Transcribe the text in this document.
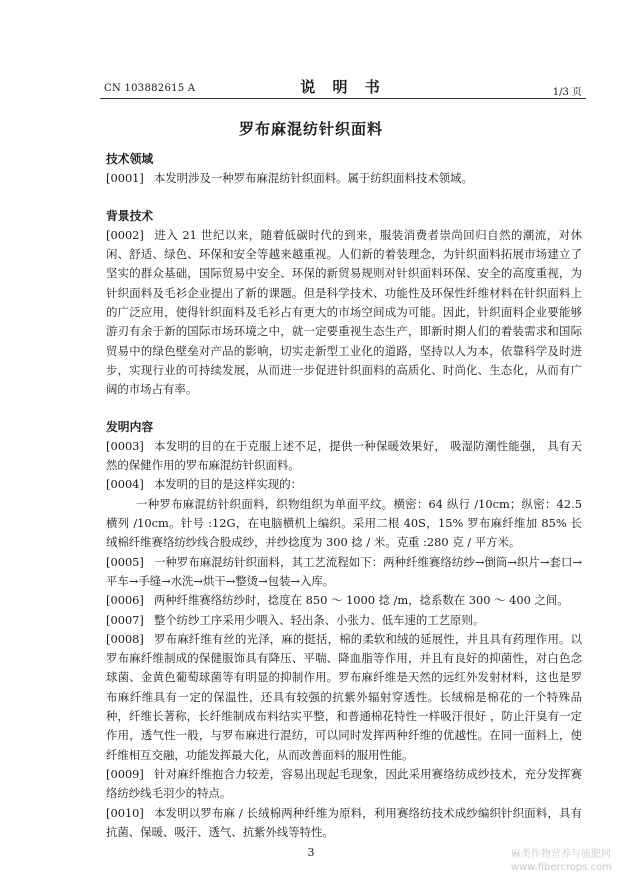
CN 103882615 A	说 明 书	1/3 页
罗布麻混纺针织面料

技术领域

[0001] 本发明涉及一种罗布麻混纺针织面料。属于纺织面料技术领域。

背景技术

[0002] 进入 21 世纪以来，随着低碳时代的到来，服装消费者崇尚回归自然的潮流，对休闲、舒适、绿色、环保和安全等越来越重视。人们新的着装理念，为针织面料拓展市场建立了坚实的群众基础，国际贸易中安全、环保的新贸易规则对针织面料环保、安全的高度重视，为针织面料及毛衫企业提出了新的课题。但是科学技术、功能性及环保性纤维材料在针织面料上的广泛应用，使得针织面料及毛衫占有更大的市场空间成为可能。因此，针织面料企业要能够游刃有余于新的国际市场环境之中，就一定要重视生态生产，即新时期人们的着装需求和国际贸易中的绿色壁垒对产品的影响，切实走新型工业化的道路，坚持以人为本，依靠科学及时进步，实现行业的可持续发展，从而进一步促进针织面料的高质化、时尚化、生态化，从而有广阔的市场占有率。

发明内容

[0003] 本发明的目的在于克服上述不足，提供一种保暖效果好， 吸湿防潮性能强， 具有天然的保健作用的罗布麻混纺针织面料。

[0004] 本发明的目的是这样实现的：

一种罗布麻混纺针织面料，织物组织为单面平纹。横密：64 纵行 /10cm；纵密：42.5 横列 /10cm。针号 :12G，在电脑横机上编织。采用二根 40S，15% 罗布麻纤维加 85% 长绒棉纤维赛络纺纱线合股成纱，并纱捻度为 300 捻 / 米。克重 :280 克 / 平方米。

[0005] 一种罗布麻混纺针织面料，其工艺流程如下：两种纤维赛络纺纱→倒筒→织片→套口→平车→手缝→水洗→烘干→整烫→包装→入库。

[0006] 两种纤维赛络纺纱时，捻度在 850 ～ 1000 捻 /m，捻系数在 300 ～ 400 之间。

[0007] 整个纺纱工序采用少喂入、轻出条、小张力、低车速的工艺原则。

[0008] 罗布麻纤维有丝的光泽，麻的挺括，棉的柔软和绒的延展性，并且具有药理作用。以罗布麻纤维制成的保健服饰具有降压、平喘、降血脂等作用，并且有良好的抑菌性，对白色念球菌、金黄色葡萄球菌等有明显的抑制作用。罗布麻纤维是天然的远红外发射材料，这也是罗布麻纤维具有一定的保温性，还具有较强的抗紫外辐射穿透性。长绒棉是棉花的一个特殊品种，纤维长著称，长纤维制成布料结实平整，和普通棉花特性一样吸汗很好 ，防止汗臭有一定作用，透气性一般，与罗布麻进行混纺，可以同时发挥两种纤维的优越性。在同一面料上，使纤维相互交融，功能发挥最大化，从而改善面料的服用性能。

[0009] 针对麻纤维抱合力较差，容易出现起毛现象，因此采用赛络纺成纱技术，充分发挥赛络纺纱线毛羽少的特点。

[0010] 本发明以罗布麻 / 长绒棉两种纤维为原料，利用赛络纺技术成纱编织针织面料，具有抗菌、保暖、吸汗、透气、抗紫外线等特性。

3	麻类作物营养与施肥网
www.fibercrops.com
